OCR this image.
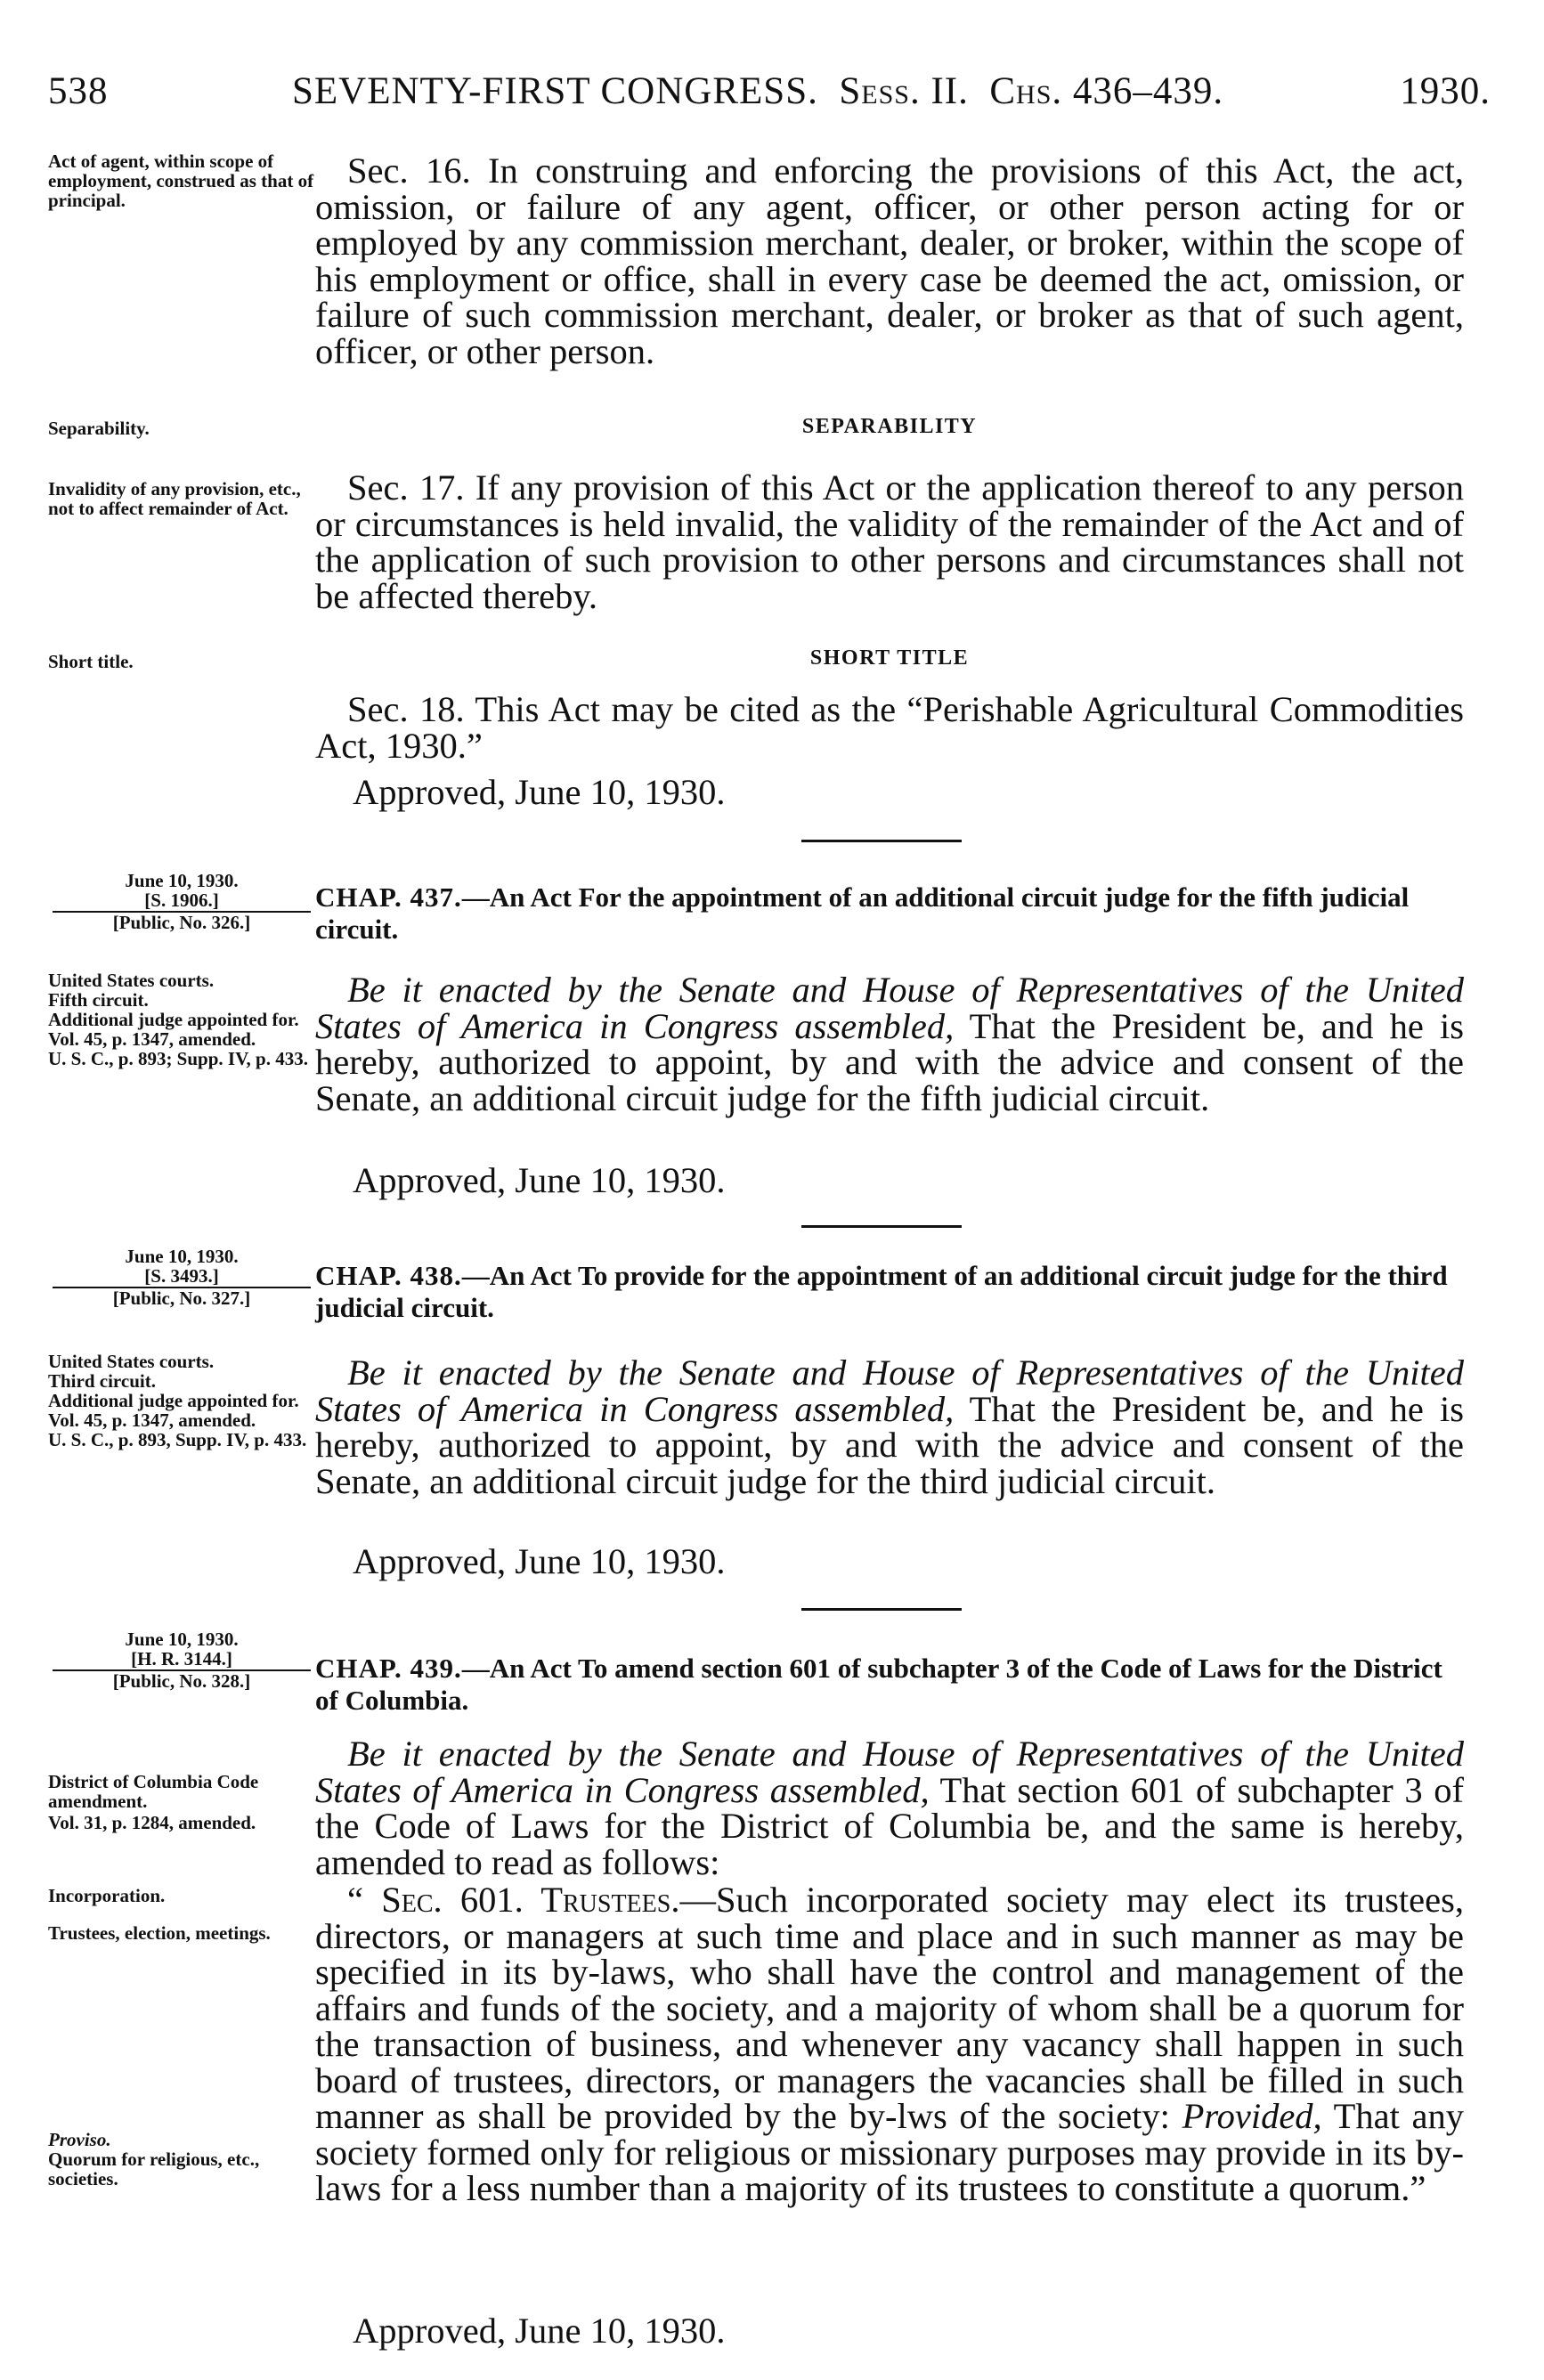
538	SEVENTY-FIRST CONGRESS. Sess. II. Chs. 436–439.	1930.
Act of agent, within scope of employment, construed as that of principal.
Sec. 16. In construing and enforcing the provisions of this Act, the act, omission, or failure of any agent, officer, or other person acting for or employed by any commission merchant, dealer, or broker, within the scope of his employment or office, shall in every case be deemed the act, omission, or failure of such commission merchant, dealer, or broker as that of such agent, officer, or other person.
Separability.	SEPARABILITY
Invalidity of any provision, etc., not to affect remainder of Act.
Sec. 17. If any provision of this Act or the application thereof to any person or circumstances is held invalid, the validity of the remainder of the Act and of the application of such provision to other persons and circumstances shall not be affected thereby.
Short title.	SHORT TITLE
Sec. 18. This Act may be cited as the “Perishable Agricultural Commodities Act, 1930.”
Approved, June 10, 1930.
June 10, 1930.
[S. 1906.]
[Public, No. 326.]
CHAP. 437.—An Act For the appointment of an additional circuit judge for the fifth judicial circuit.
United States courts.
Fifth circuit.
Additional judge appointed for.
Vol. 45, p. 1347, amended.
U. S. C., p. 893; Supp. IV, p. 433.
Be it enacted by the Senate and House of Representatives of the United States of America in Congress assembled, That the President be, and he is hereby, authorized to appoint, by and with the advice and consent of the Senate, an additional circuit judge for the fifth judicial circuit.
Approved, June 10, 1930.
June 10, 1930.
[S. 3493.]
[Public, No. 327.]
CHAP. 438.—An Act To provide for the appointment of an additional circuit judge for the third judicial circuit.
United States courts.
Third circuit.
Additional judge appointed for.
Vol. 45, p. 1347, amended.
U. S. C., p. 893, Supp. IV, p. 433.
Be it enacted by the Senate and House of Representatives of the United States of America in Congress assembled, That the President be, and he is hereby, authorized to appoint, by and with the advice and consent of the Senate, an additional circuit judge for the third judicial circuit.
Approved, June 10, 1930.
June 10, 1930.
[H. R. 3144.]
[Public, No. 328.]	CHAP. 439.—An Act To amend section 601 of subchapter 3 of the Code of Laws for the District of Columbia.
District of Columbia Code amendment.
Vol. 31, p. 1284, amended.
Incorporation.
Trustees, election, meetings.
Proviso.
Quorum for religious, etc., societies.
Be it enacted by the Senate and House of Representatives of the United States of America in Congress assembled, That section 601 of subchapter 3 of the Code of Laws for the District of Columbia be, and the same is hereby, amended to read as follows:
“ Sec. 601. Trustees.—Such incorporated society may elect its trustees, directors, or managers at such time and place and in such manner as may be specified in its by-laws, who shall have the control and management of the affairs and funds of the society, and a majority of whom shall be a quorum for the transaction of business, and whenever any vacancy shall happen in such board of trustees, directors, or managers the vacancies shall be filled in such manner as shall be provided by the by-lws of the society: Provided, That any society formed only for religious or missionary purposes may provide in its by-laws for a less number than a majority of its trustees to constitute a quorum.”
Approved, June 10, 1930.
